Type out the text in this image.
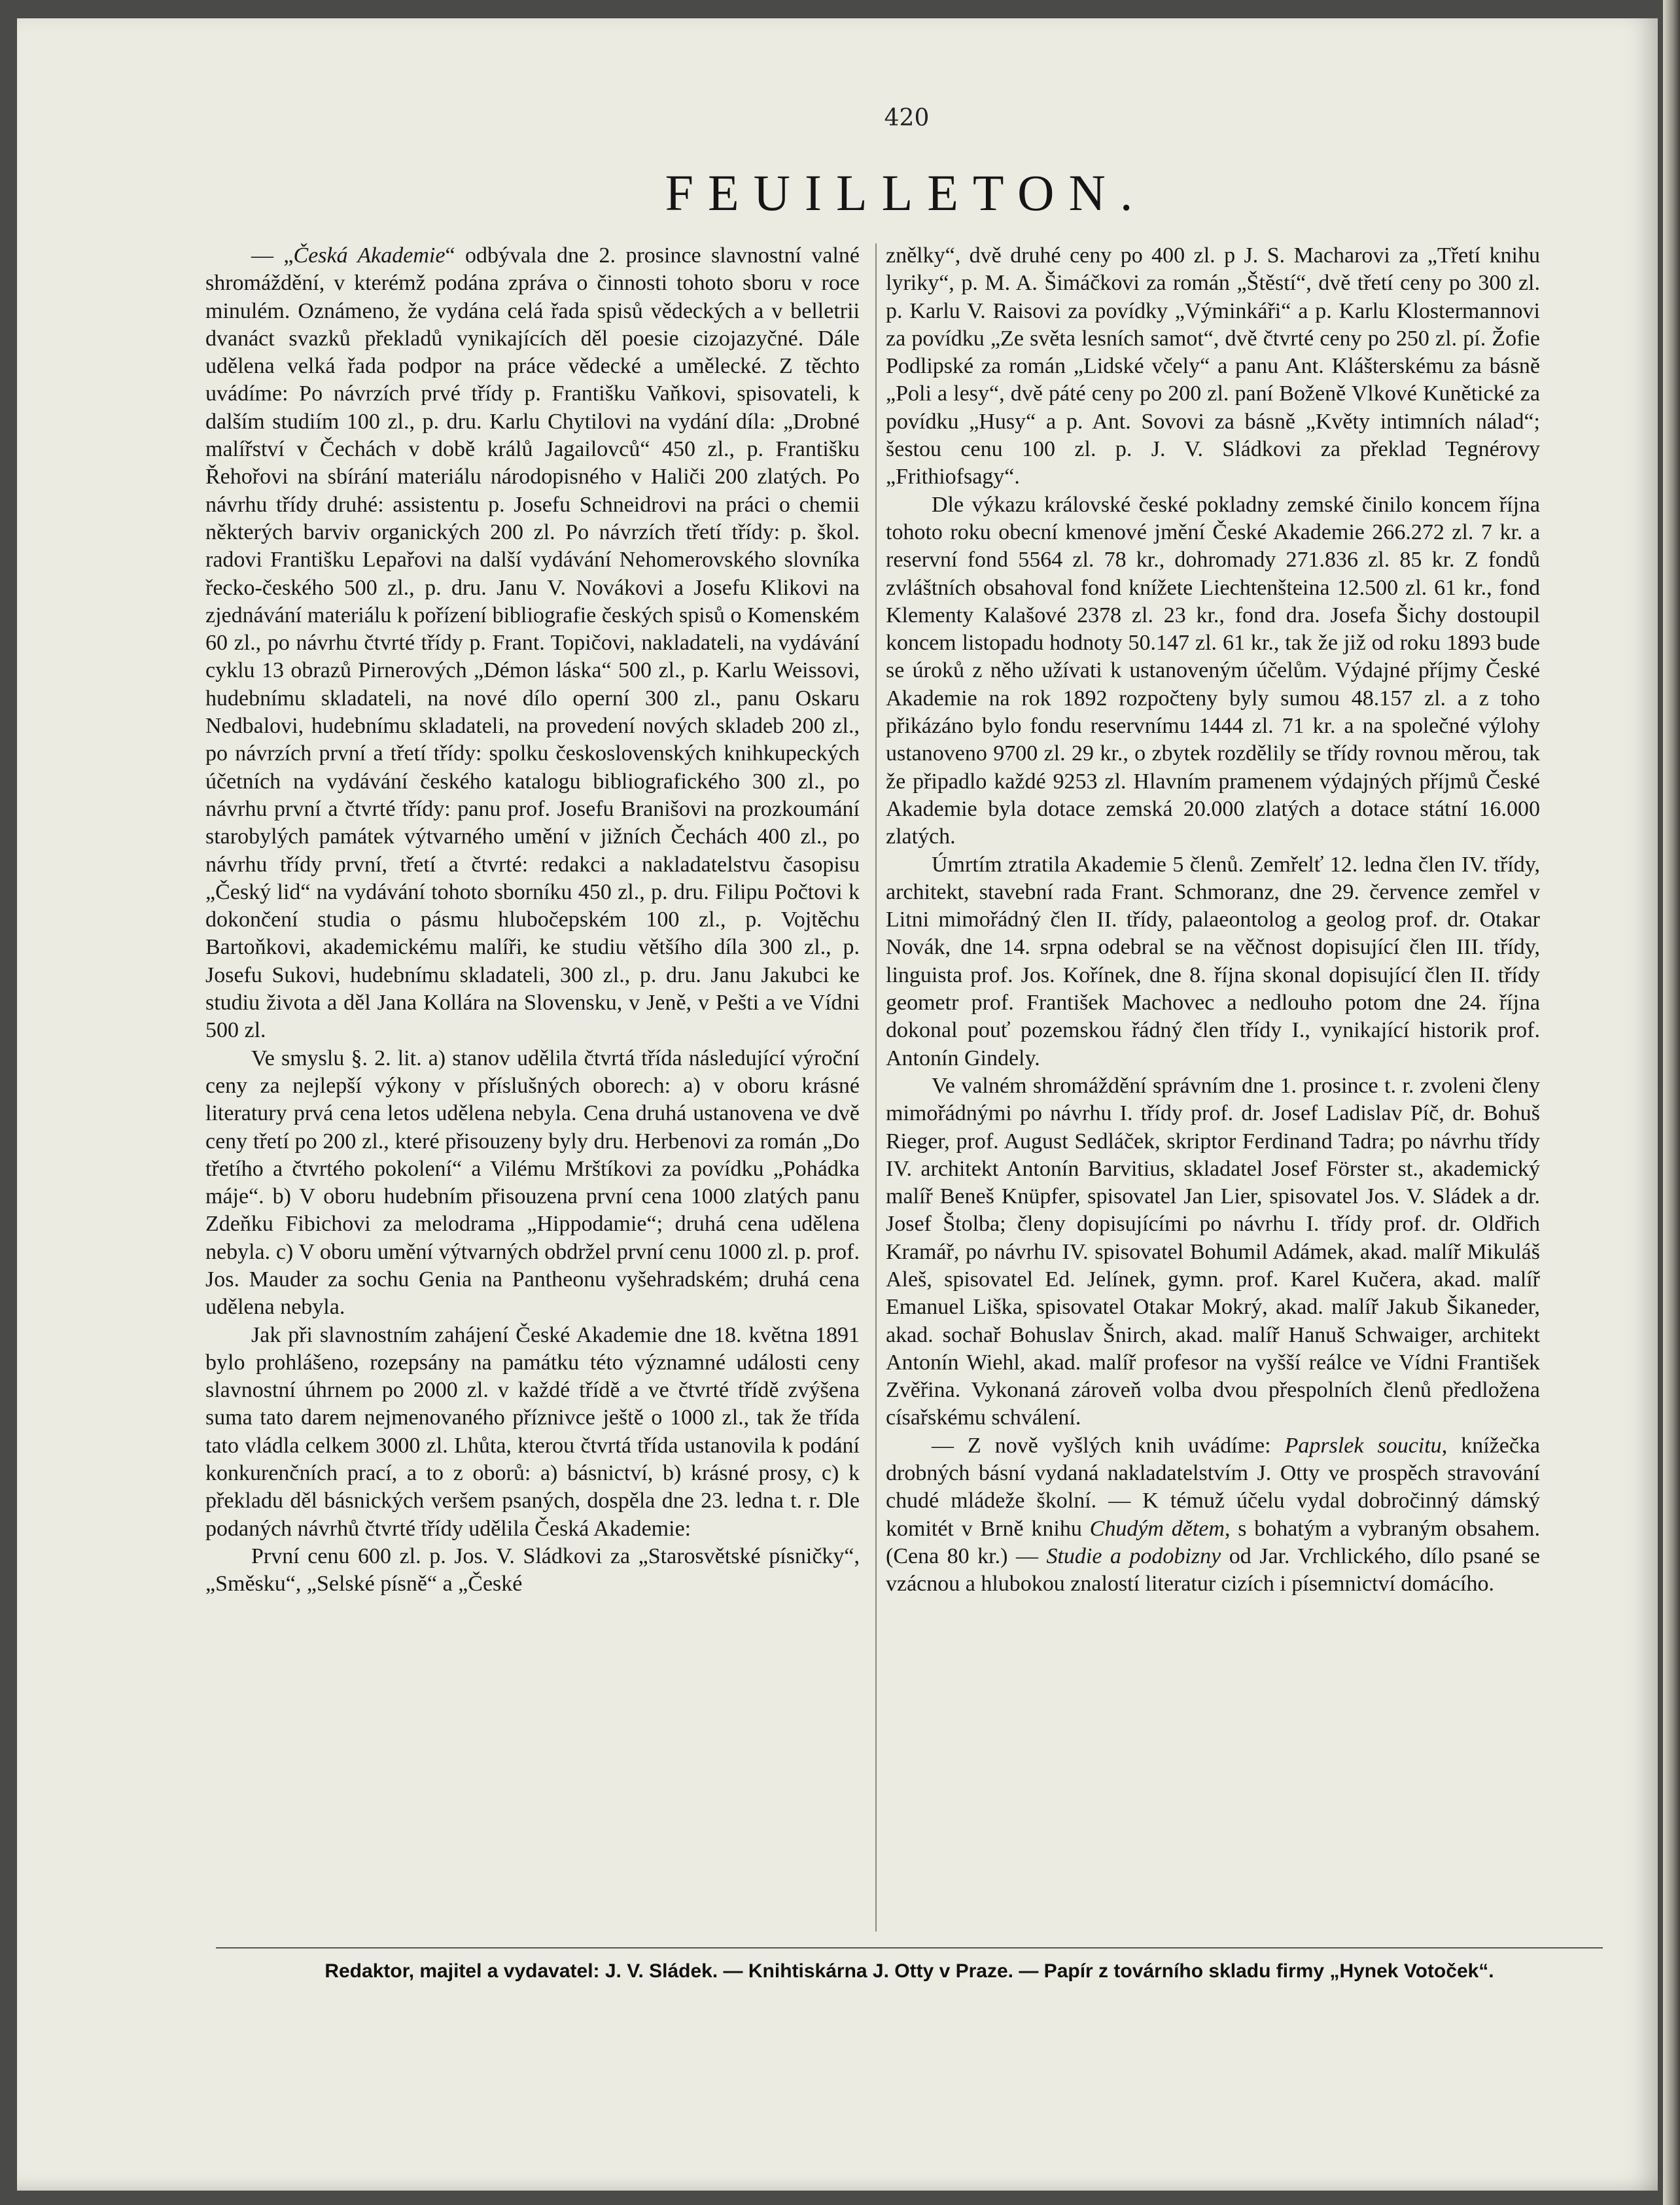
420
FEUILLETON.

— „Česká Akademie“ odbývala dne 2. prosince slavnostní valné shromáždění, v kterémž podána zpráva o činnosti tohoto sboru v roce minulém. Oznámeno, že vydána celá řada spisů vědeckých a v belletrii dvanáct svazků překladů vynikajících děl poesie cizojazyčné. Dále udělena velká řada podpor na práce vědecké a umělecké. Z těchto uvádíme: Po návrzích prvé třídy p. Františku Vaňkovi, spisovateli, k dalším studiím 100 zl., p. dru. Karlu Chytilovi na vydání díla: „Drobné malířství v Čechách v době králů Jagailovců“ 450 zl., p. Františku Řehořovi na sbírání materiálu národopisného v Haliči 200 zlatých. Po návrhu třídy druhé: assistentu p. Josefu Schneidrovi na práci o chemii některých barviv organických 200 zl. Po návrzích třetí třídy: p. škol. radovi Františku Lepařovi na další vydávání Nehomerovského slovníka řecko-českého 500 zl., p. dru. Janu V. Novákovi a Josefu Klikovi na zjednávání materiálu k pořízení bibliografie českých spisů o Komenském 60 zl., po návrhu čtvrté třídy p. Frant. Topičovi, nakladateli, na vydávání cyklu 13 obrazů Pirnerových „Démon láska“ 500 zl., p. Karlu Weissovi, hudebnímu skladateli, na nové dílo operní 300 zl., panu Oskaru Nedbalovi, hudebnímu skladateli, na provedení nových skladeb 200 zl., po návrzích první a třetí třídy: spolku československých knihkupeckých účetních na vydávání českého katalogu bibliografického 300 zl., po návrhu první a čtvrté třídy: panu prof. Josefu Branišovi na prozkoumání starobylých památek výtvarného umění v jižních Čechách 400 zl., po návrhu třídy první, třetí a čtvrté: redakci a nakladatelstvu časopisu „Český lid“ na vydávání tohoto sborníku 450 zl., p. dru. Filipu Počtovi k dokončení studia o pásmu hlubočepském 100 zl., p. Vojtěchu Bartoňkovi, akademickému malíři, ke studiu většího díla 300 zl., p. Josefu Sukovi, hudebnímu skladateli, 300 zl., p. dru. Janu Jakubci ke studiu života a děl Jana Kollára na Slovensku, v Jeně, v Pešti a ve Vídni 500 zl.

Ve smyslu §. 2. lit. a) stanov udělila čtvrtá třída následující výroční ceny za nejlepší výkony v příslušných oborech: a) v oboru krásné literatury prvá cena letos udělena nebyla. Cena druhá ustanovena ve dvě ceny třetí po 200 zl., které přisouzeny byly dru. Herbenovi za román „Do třetího a čtvrtého pokolení“ a Vilému Mrštíkovi za povídku „Pohádka máje“. b) V oboru hudebním přisouzena první cena 1000 zlatých panu Zdeňku Fibichovi za melodrama „Hippodamie“; druhá cena udělena nebyla. c) V oboru umění výtvarných obdržel první cenu 1000 zl. p. prof. Jos. Mauder za sochu Genia na Pantheonu vyšehradském; druhá cena udělena nebyla.

Jak při slavnostním zahájení České Akademie dne 18. května 1891 bylo prohlášeno, rozepsány na památku této významné události ceny slavnostní úhrnem po 2000 zl. v každé třídě a ve čtvrté třídě zvýšena suma tato darem nejmenovaného příznivce ještě o 1000 zl., tak že třída tato vládla celkem 3000 zl. Lhůta, kterou čtvrtá třída ustanovila k podání konkurenčních prací, a to z oborů: a) básnictví, b) krásné prosy, c) k překladu děl básnických veršem psaných, dospěla dne 23. ledna t. r. Dle podaných návrhů čtvrté třídy udělila Česká Akademie:

První cenu 600 zl. p. Jos. V. Sládkovi za „Starosvětské písničky“, „Směsku“, „Selské písně“ a „České

znělky“, dvě druhé ceny po 400 zl. p J. S. Macharovi za „Třetí knihu lyriky“, p. M. A. Šimáčkovi za román „Štěstí“, dvě třetí ceny po 300 zl. p. Karlu V. Raisovi za povídky „Výminkáři“ a p. Karlu Klostermannovi za povídku „Ze světa lesních samot“, dvě čtvrté ceny po 250 zl. pí. Žofie Podlipské za román „Lidské včely“ a panu Ant. Klášterskému za básně „Poli a lesy“, dvě páté ceny po 200 zl. paní Boženě Vlkové Kunětické za povídku „Husy“ a p. Ant. Sovovi za básně „Květy intimních nálad“; šestou cenu 100 zl. p. J. V. Sládkovi za překlad Tegnérovy „Frithiofsagy“.

Dle výkazu královské české pokladny zemské činilo koncem října tohoto roku obecní kmenové jmění České Akademie 266.272 zl. 7 kr. a reservní fond 5564 zl. 78 kr., dohromady 271.836 zl. 85 kr. Z fondů zvláštních obsahoval fond knížete Liechtenšteina 12.500 zl. 61 kr., fond Klementy Kalašové 2378 zl. 23 kr., fond dra. Josefa Šichy dostoupil koncem listopadu hodnoty 50.147 zl. 61 kr., tak že již od roku 1893 bude se úroků z něho užívati k ustanoveným účelům. Výdajné příjmy České Akademie na rok 1892 rozpočteny byly sumou 48.157 zl. a z toho přikázáno bylo fondu reservnímu 1444 zl. 71 kr. a na společné výlohy ustanoveno 9700 zl. 29 kr., o zbytek rozdělily se třídy rovnou měrou, tak že připadlo každé 9253 zl. Hlavním pramenem výdajných příjmů České Akademie byla dotace zemská 20.000 zlatých a dotace státní 16.000 zlatých.

Úmrtím ztratila Akademie 5 členů. Zemřelť 12. ledna člen IV. třídy, architekt, stavební rada Frant. Schmoranz, dne 29. července zemřel v Litni mimořádný člen II. třídy, palaeontolog a geolog prof. dr. Otakar Novák, dne 14. srpna odebral se na věčnost dopisující člen III. třídy, linguista prof. Jos. Kořínek, dne 8. října skonal dopisující člen II. třídy geometr prof. František Machovec a nedlouho potom dne 24. října dokonal pouť pozemskou řádný člen třídy I., vynikající historik prof. Antonín Gindely.

Ve valném shromáždění správním dne 1. prosince t. r. zvoleni členy mimořádnými po návrhu I. třídy prof. dr. Josef Ladislav Píč, dr. Bohuš Rieger, prof. August Sedláček, skriptor Ferdinand Tadra; po návrhu třídy IV. architekt Antonín Barvitius, skladatel Josef Förster st., akademický malíř Beneš Knüpfer, spisovatel Jan Lier, spisovatel Jos. V. Sládek a dr. Josef Štolba; členy dopisujícími po návrhu I. třídy prof. dr. Oldřich Kramář, po návrhu IV. spisovatel Bohumil Adámek, akad. malíř Mikuláš Aleš, spisovatel Ed. Jelínek, gymn. prof. Karel Kučera, akad. malíř Emanuel Liška, spisovatel Otakar Mokrý, akad. malíř Jakub Šikaneder, akad. sochař Bohuslav Šnirch, akad. malíř Hanuš Schwaiger, architekt Antonín Wiehl, akad. malíř profesor na vyšší reálce ve Vídni František Zvěřina. Vykonaná zároveň volba dvou přespolních členů předložena císařskému schválení.

— Z nově vyšlých knih uvádíme: Paprslek soucitu, knížečka drobných básní vydaná nakladatelstvím J. Otty ve prospěch stravování chudé mládeže školní. — K témuž účelu vydal dobročinný dámský komitét v Brně knihu Chudým dětem, s bohatým a vybraným obsahem. (Cena 80 kr.) — Studie a podobizny od Jar. Vrchlického, dílo psané se vzácnou a hlubokou znalostí literatur cizích i písemnictví domácího.

Redaktor, majitel a vydavatel: J. V. Sládek. — Knihtiskárna J. Otty v Praze. — Papír z továrního skladu firmy „Hynek Votoček“.
